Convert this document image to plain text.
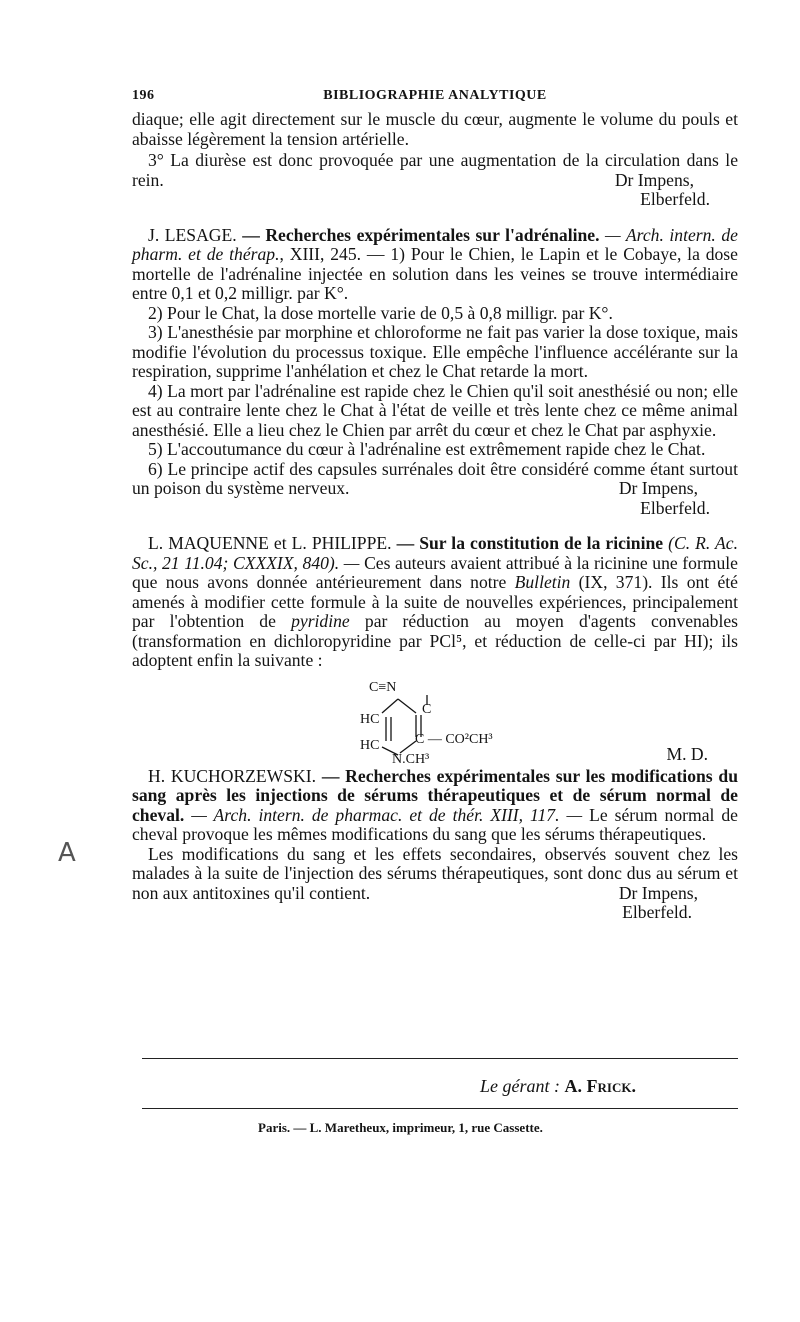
A
196	BIBLIOGRAPHIE ANALYTIQUE

diaque; elle agit directement sur le muscle du cœur, augmente le volume du pouls et abaisse légèrement la tension artérielle.

3° La diurèse est donc provoquée par une augmentation de la circulation dans le rein.	Dr Impens,
Elberfeld.

J. LESAGE. — Recherches expérimentales sur l'adrénaline. — Arch. intern. de pharm. et de thérap., XIII, 245. — 1) Pour le Chien, le Lapin et le Cobaye, la dose mortelle de l'adrénaline injectée en solution dans les veines se trouve intermédiaire entre 0,1 et 0,2 milligr. par K°.

2) Pour le Chat, la dose mortelle varie de 0,5 à 0,8 milligr. par K°.

3) L'anesthésie par morphine et chloroforme ne fait pas varier la dose toxique, mais modifie l'évolution du processus toxique. Elle empêche l'influence accélérante sur la respiration, supprime l'anhélation et chez le Chat retarde la mort.

4) La mort par l'adrénaline est rapide chez le Chien qu'il soit anesthésié ou non; elle est au contraire lente chez le Chat à l'état de veille et très lente chez ce même animal anesthésié. Elle a lieu chez le Chien par arrêt du cœur et chez le Chat par asphyxie.

5) L'accoutumance du cœur à l'adrénaline est extrêmement rapide chez le Chat.

6) Le principe actif des capsules surrénales doit être considéré comme étant surtout un poison du système nerveux.	Dr Impens,
Elberfeld.

L. MAQUENNE et L. PHILIPPE. — Sur la constitution de la ricinine (C. R. Ac. Sc., 21 11.04; CXXXIX, 840). — Ces auteurs avaient attribué à la ricinine une formule que nous avons donnée antérieurement dans notre Bulletin (IX, 371). Ils ont été amenés à modifier cette formule à la suite de nouvelles expériences, principalement par l'obtention de pyridine par réduction au moyen d'agents convenables (transformation en dichloropyridine par PCl⁵, et réduction de celle-ci par HI); ils adoptent enfin la suivante :

C≡N
C
HC
HC	C — CO²CH³
N.CH³	M. D.

H. KUCHORZEWSKI. — Recherches expérimentales sur les modifications du sang après les injections de sérums thérapeutiques et de sérum normal de cheval. — Arch. intern. de pharmac. et de thér. XIII, 117. — Le sérum normal de cheval provoque les mêmes modifications du sang que les sérums thérapeutiques.

Les modifications du sang et les effets secondaires, observés souvent chez les malades à la suite de l'injection des sérums thérapeutiques, sont donc dus au sérum et non aux antitoxines qu'il contient.	Dr Impens,
Elberfeld.
Le gérant : A. Frick.
Paris. — L. Maretheux, imprimeur, 1, rue Cassette.
